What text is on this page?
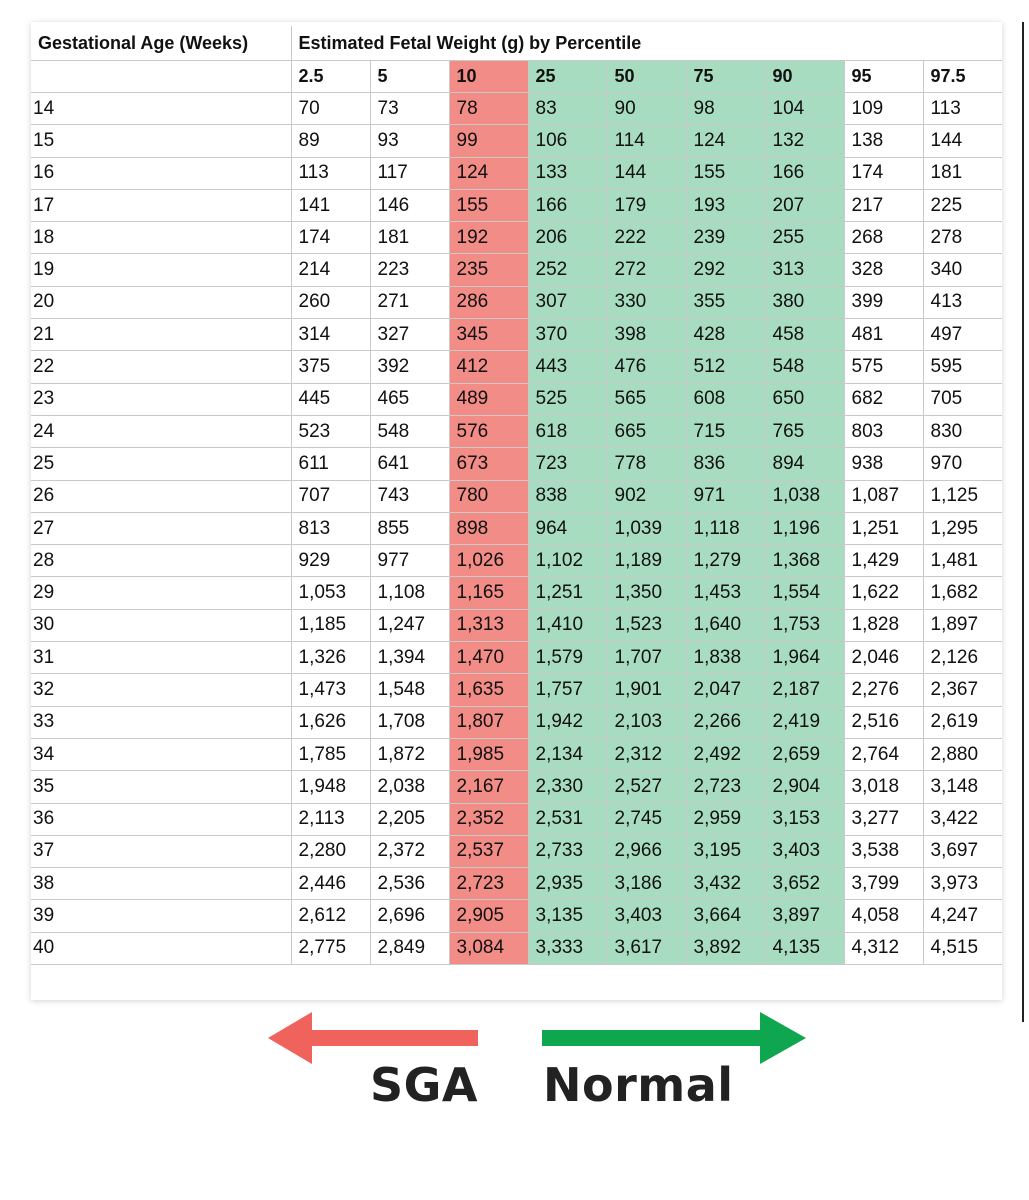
Gestational Age (Weeks)	Estimated Fetal Weight (g) by Percentile								
	2.5	5	10	25	50	75	90	95	97.5
14	70	73	78	83	90	98	104	109	113
15	89	93	99	106	114	124	132	138	144
16	113	117	124	133	144	155	166	174	181
17	141	146	155	166	179	193	207	217	225
18	174	181	192	206	222	239	255	268	278
19	214	223	235	252	272	292	313	328	340
20	260	271	286	307	330	355	380	399	413
21	314	327	345	370	398	428	458	481	497
22	375	392	412	443	476	512	548	575	595
23	445	465	489	525	565	608	650	682	705
24	523	548	576	618	665	715	765	803	830
25	611	641	673	723	778	836	894	938	970
26	707	743	780	838	902	971	1,038	1,087	1,125
27	813	855	898	964	1,039	1,118	1,196	1,251	1,295
28	929	977	1,026	1,102	1,189	1,279	1,368	1,429	1,481
29	1,053	1,108	1,165	1,251	1,350	1,453	1,554	1,622	1,682
30	1,185	1,247	1,313	1,410	1,523	1,640	1,753	1,828	1,897
31	1,326	1,394	1,470	1,579	1,707	1,838	1,964	2,046	2,126
32	1,473	1,548	1,635	1,757	1,901	2,047	2,187	2,276	2,367
33	1,626	1,708	1,807	1,942	2,103	2,266	2,419	2,516	2,619
34	1,785	1,872	1,985	2,134	2,312	2,492	2,659	2,764	2,880
35	1,948	2,038	2,167	2,330	2,527	2,723	2,904	3,018	3,148
36	2,113	2,205	2,352	2,531	2,745	2,959	3,153	3,277	3,422
37	2,280	2,372	2,537	2,733	2,966	3,195	3,403	3,538	3,697
38	2,446	2,536	2,723	2,935	3,186	3,432	3,652	3,799	3,973
39	2,612	2,696	2,905	3,135	3,403	3,664	3,897	4,058	4,247
40	2,775	2,849	3,084	3,333	3,617	3,892	4,135	4,312	4,515
SGA Normal
